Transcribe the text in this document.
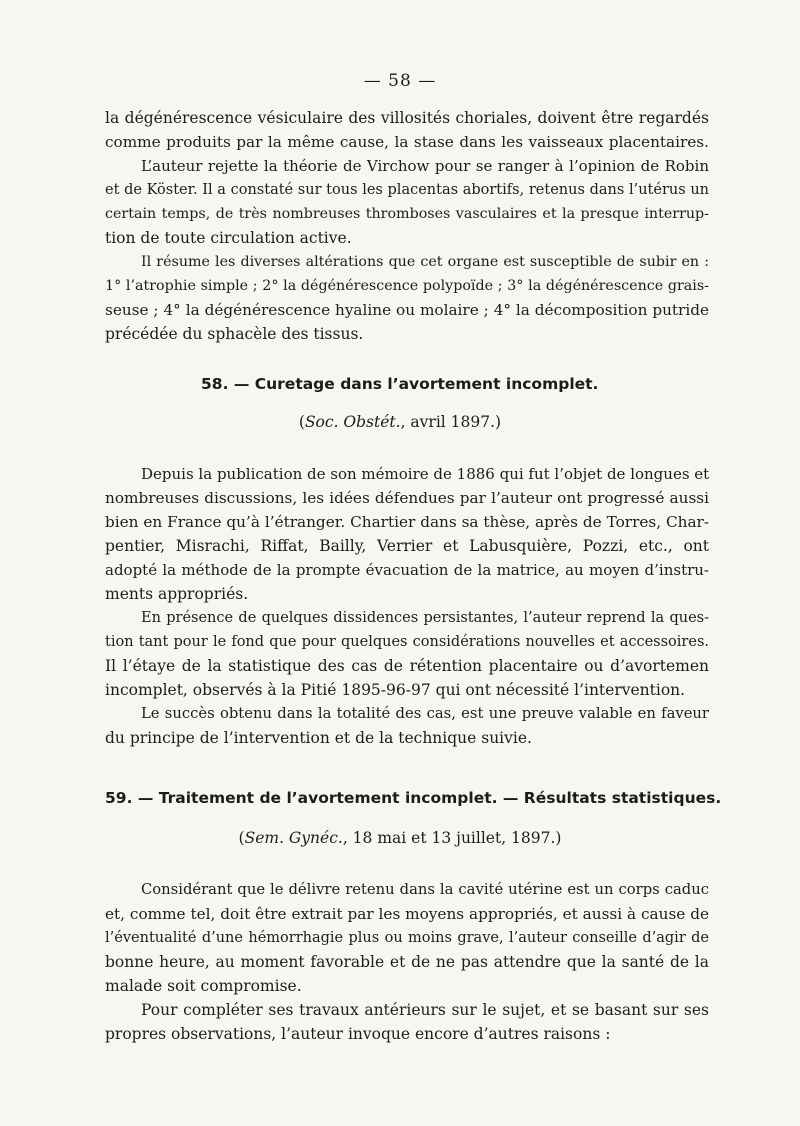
— 58 —
la dégénérescence vésiculaire des villosités choriales, doivent être regardés
comme produits par la même cause, la stase dans les vaisseaux placentaires.
L’auteur rejette la théorie de Virchow pour se ranger à l’opinion de Robin
et de Köster. Il a constaté sur tous les placentas abortifs, retenus dans l’utérus un
certain temps, de très nombreuses thromboses vasculaires et la presque interrup-
tion de toute circulation active.
Il résume les diverses altérations que cet organe est susceptible de subir en :
1° l’atrophie simple ; 2° la dégénérescence polypoïde ; 3° la dégénérescence grais-
seuse ; 4° la dégénérescence hyaline ou molaire ; 4° la décomposition putride
précédée du sphacèle des tissus.
58. — Curetage dans l’avortement incomplet.
(Soc. Obstét., avril 1897.)
Depuis la publication de son mémoire de 1886 qui fut l’objet de longues et
nombreuses discussions, les idées défendues par l’auteur ont progressé aussi
bien en France qu’à l’étranger. Chartier dans sa thèse, après de Torres, Char-
pentier, Misrachi, Riffat, Bailly, Verrier et Labusquière, Pozzi, etc., ont
adopté la méthode de la prompte évacuation de la matrice, au moyen d’instru-
ments appropriés.
En présence de quelques dissidences persistantes, l’auteur reprend la ques-
tion tant pour le fond que pour quelques considérations nouvelles et accessoires.
Il l’étaye de la statistique des cas de rétention placentaire ou d’avortemen
incomplet, observés à la Pitié 1895-96-97 qui ont nécessité l’intervention.
Le succès obtenu dans la totalité des cas, est une preuve valable en faveur
du principe de l’intervention et de la technique suivie.
59. — Traitement de l’avortement incomplet. — Résultats statistiques.
(Sem. Gynéc., 18 mai et 13 juillet, 1897.)
Considérant que le délivre retenu dans la cavité utérine est un corps caduc
et, comme tel, doit être extrait par les moyens appropriés, et aussi à cause de
l’éventualité d’une hémorrhagie plus ou moins grave, l’auteur conseille d’agir de
bonne heure, au moment favorable et de ne pas attendre que la santé de la
malade soit compromise.
Pour compléter ses travaux antérieurs sur le sujet, et se basant sur ses
propres observations, l’auteur invoque encore d’autres raisons :
